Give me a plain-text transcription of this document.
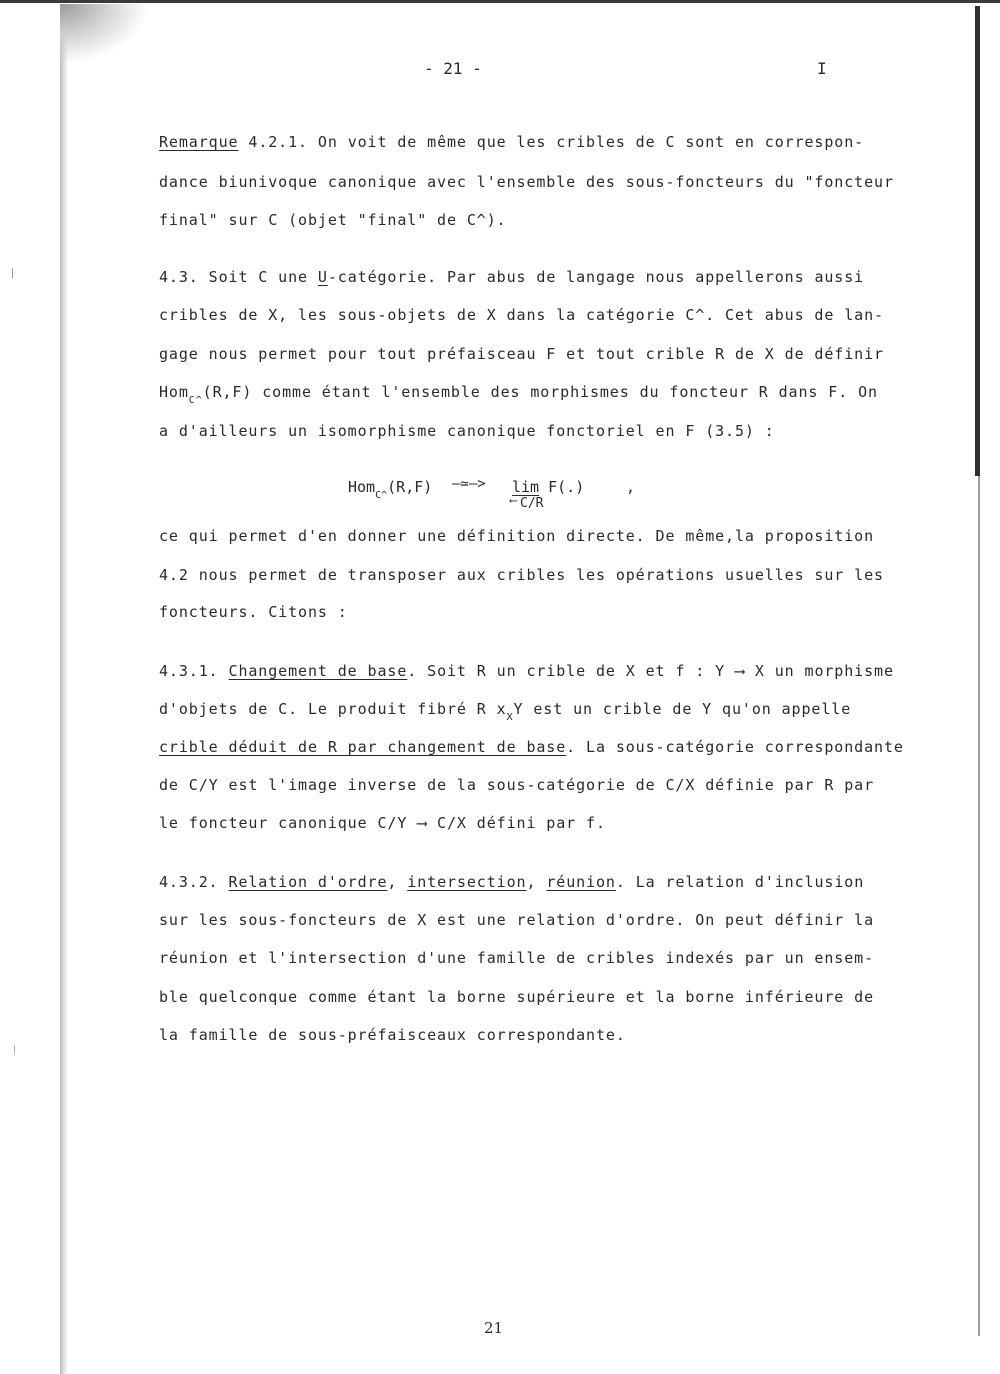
- 21 -	I
Remarque 4.2.1. On voit de même que les cribles de C sont en correspon-
dance biunivoque canonique avec l'ensemble des sous-foncteurs du "foncteur
final" sur C (objet "final" de C^).
4.3. Soit C une U-catégorie. Par abus de langage nous appellerons aussi
cribles de X, les sous-objets de X dans la catégorie C^. Cet abus de lan-
gage nous permet pour tout préfaisceau F et tout crible R de X de définir
Hom$_{C\^{}}$(R,F) comme étant l'ensemble des morphismes du foncteur R dans F. On
a d'ailleurs un isomorphisme canonique fonctoriel en F (3.5) :
Hom$_{C\^{}}$(R,F) —≃—> lim F(.)
⟵ C/R
,
ce qui permet d'en donner une définition directe. De même,la proposition
4.2 nous permet de transposer aux cribles les opérations usuelles sur les
foncteurs. Citons :
4.3.1. Changement de base. Soit R un crible de X et f : Y ⟶ X un morphisme
d'objets de C. Le produit fibré R $x_XY$ est un crible de Y qu'on appelle
crible déduit de R par changement de base. La sous-catégorie correspondante
de C/Y est l'image inverse de la sous-catégorie de C/X définie par R par
le foncteur canonique C/Y ⟶ C/X défini par f.
4.3.2. Relation d'ordre, intersection, réunion. La relation d'inclusion
sur les sous-foncteurs de X est une relation d'ordre. On peut définir la
réunion et l'intersection d'une famille de cribles indexés par un ensem-
ble quelconque comme étant la borne supérieure et la borne inférieure de
la famille de sous-préfaisceaux correspondante.
21
